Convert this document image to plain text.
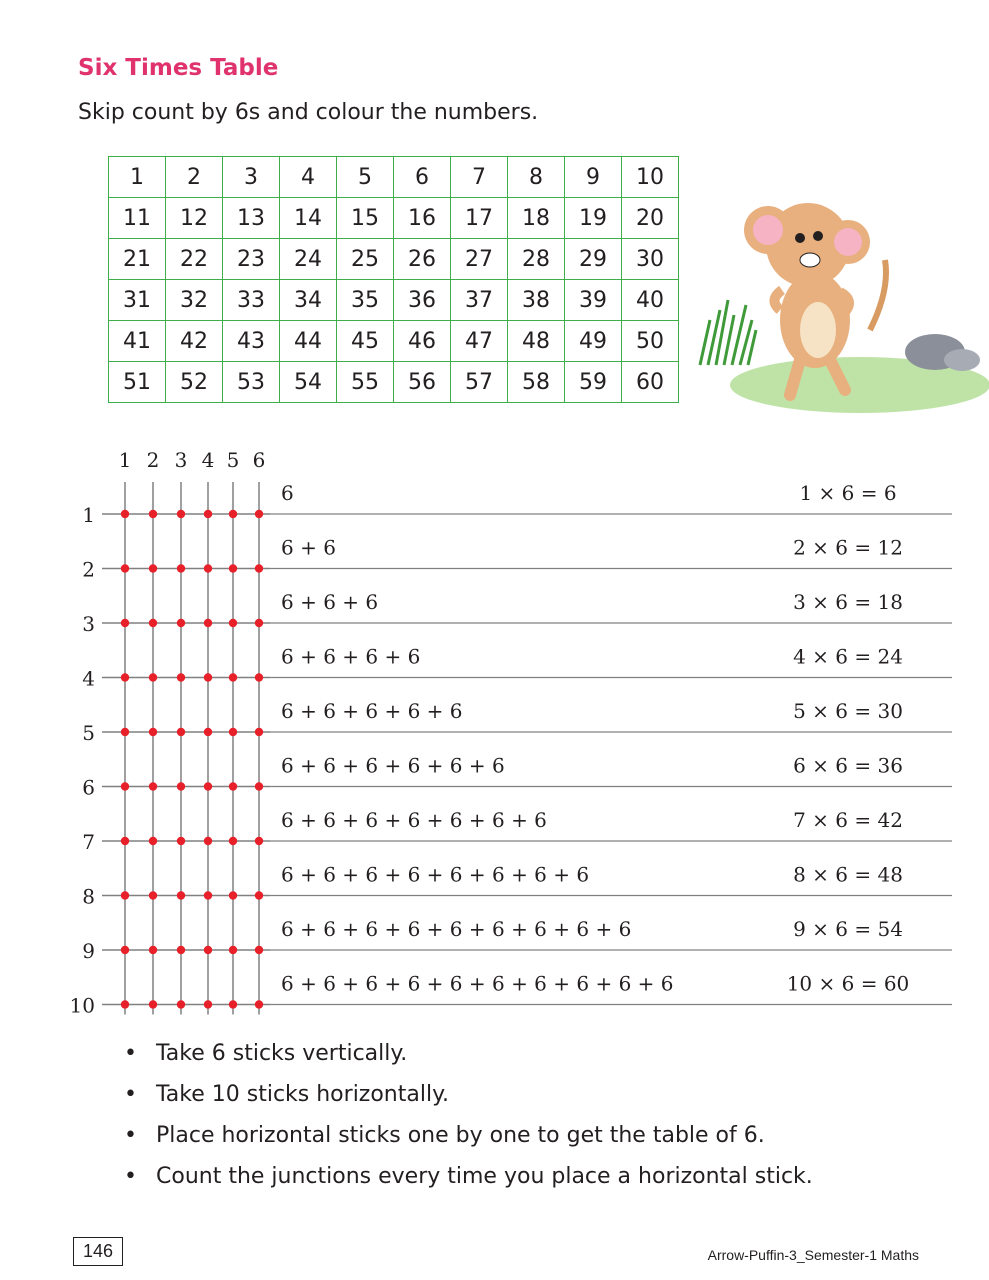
Six Times Table
Skip count by 6s and colour the numbers.
1	2	3	4	5	6	7	8	9	10
11	12	13	14	15	16	17	18	19	20
21	22	23	24	25	26	27	28	29	30
31	32	33	34	35	36	37	38	39	40
41	42	43	44	45	46	47	48	49	50
51	52	53	54	55	56	57	58	59	60
1 2 3 4 5 6
1
6	1 × 6 = 6
2
6 + 6	2 × 6 = 12
3
6 + 6 + 6	3 × 6 = 18
4
6 + 6 + 6 + 6	4 × 6 = 24
5
6 + 6 + 6 + 6 + 6	5 × 6 = 30
6
6 + 6 + 6 + 6 + 6 + 6	6 × 6 = 36
7
6 + 6 + 6 + 6 + 6 + 6 + 6	7 × 6 = 42
8
6 + 6 + 6 + 6 + 6 + 6 + 6 + 6	8 × 6 = 48
9
6 + 6 + 6 + 6 + 6 + 6 + 6 + 6 + 6	9 × 6 = 54
10
6 + 6 + 6 + 6 + 6 + 6 + 6 + 6 + 6 + 6	10 × 6 = 60
• Take 6 sticks vertically.
• Take 10 sticks horizontally.
• Place horizontal sticks one by one to get the table of 6.
• Count the junctions every time you place a horizontal stick.
146	Arrow-Puffin-3_Semester-1 Maths
